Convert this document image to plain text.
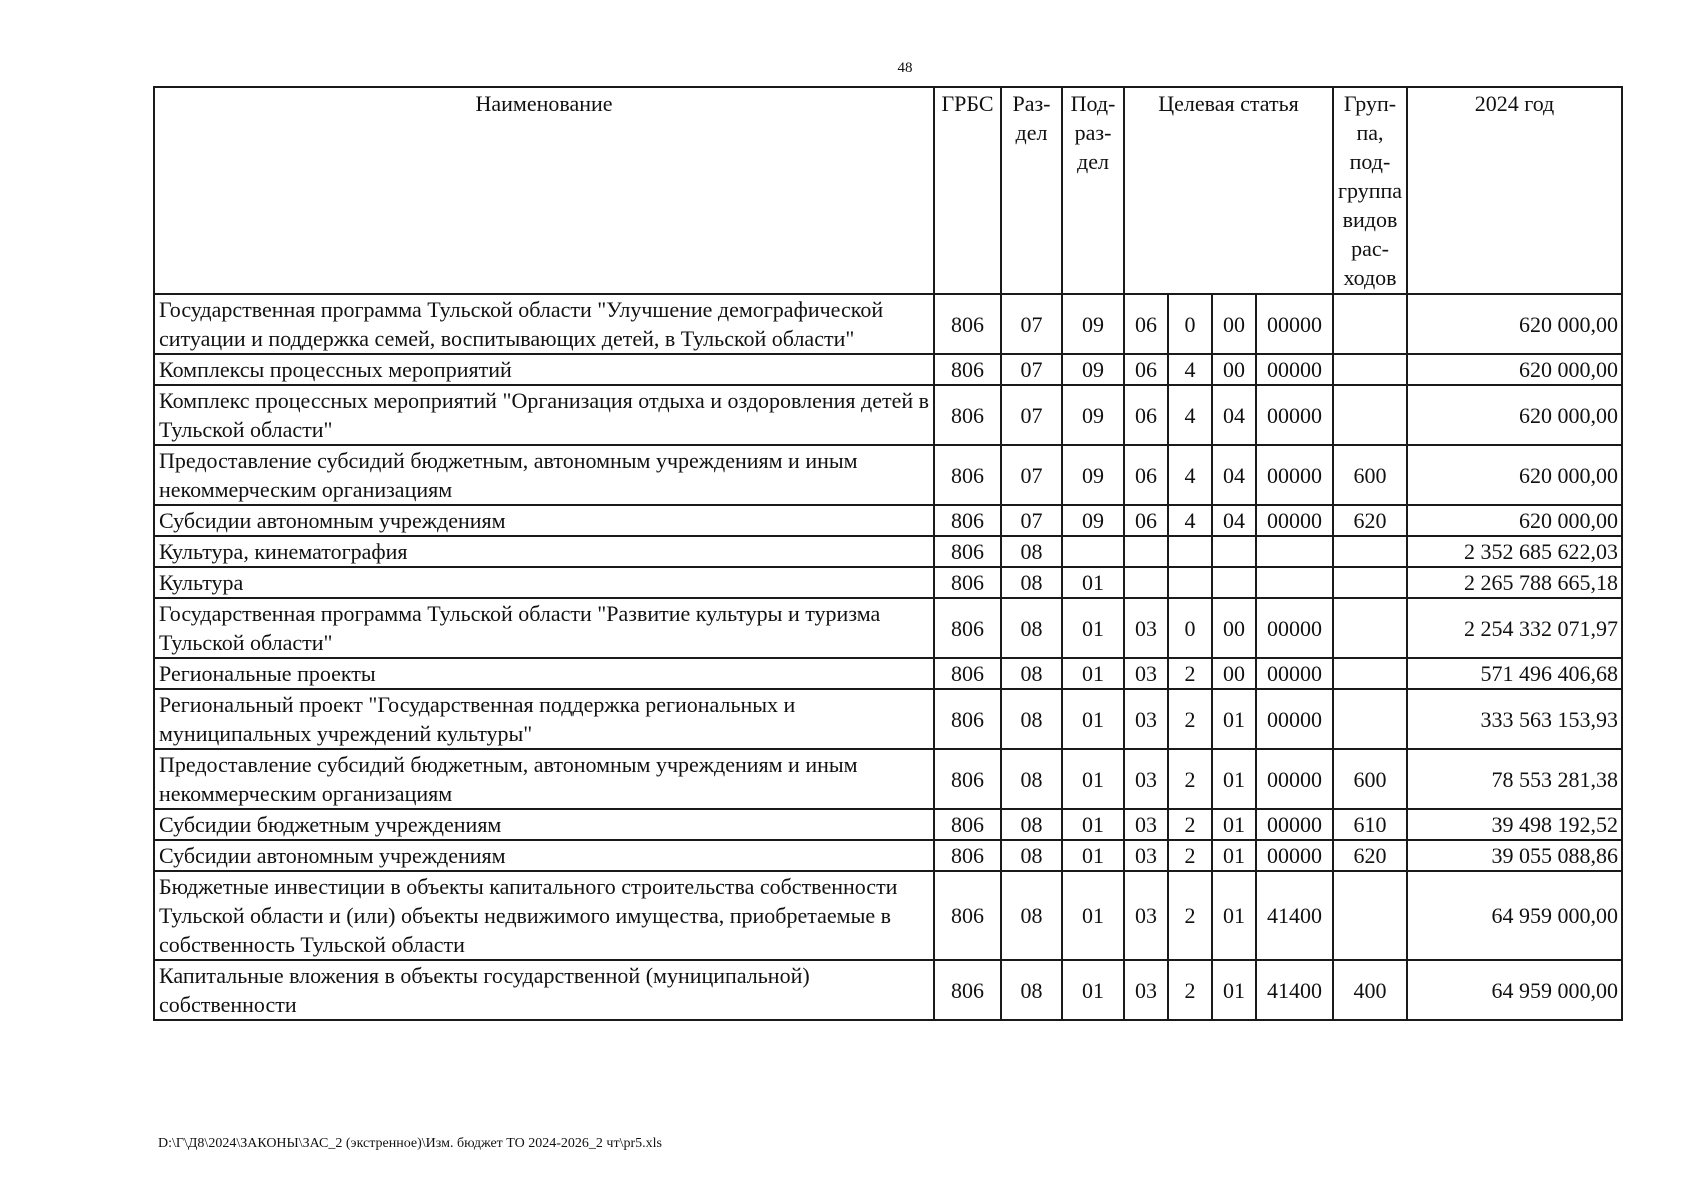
48
Наименование	ГРБС	Раз-дел	Под-раз-дел	Целевая статья				Груп-па, под-группа видов рас-ходов	2024 год
Государственная программа Тульской области "Улучшение демографической ситуации и поддержка семей, воспитывающих детей, в Тульской области"	806	07	09	06	0	00	00000		620 000,00
Комплексы процессных мероприятий	806	07	09	06	4	00	00000		620 000,00
Комплекс процессных мероприятий "Организация отдыха и оздоровления детей в Тульской области"	806	07	09	06	4	04	00000		620 000,00
Предоставление субсидий бюджетным, автономным учреждениям и иным некоммерческим организациям	806	07	09	06	4	04	00000	600	620 000,00
Субсидии автономным учреждениям	806	07	09	06	4	04	00000	620	620 000,00
Культура, кинематография	806	08							2 352 685 622,03
Культура	806	08	01						2 265 788 665,18
Государственная программа Тульской области "Развитие культуры и туризма Тульской области"	806	08	01	03	0	00	00000		2 254 332 071,97
Региональные проекты	806	08	01	03	2	00	00000		571 496 406,68
Региональный проект "Государственная поддержка региональных и муниципальных учреждений культуры"	806	08	01	03	2	01	00000		333 563 153,93
Предоставление субсидий бюджетным, автономным учреждениям и иным некоммерческим организациям	806	08	01	03	2	01	00000	600	78 553 281,38
Субсидии бюджетным учреждениям	806	08	01	03	2	01	00000	610	39 498 192,52
Субсидии автономным учреждениям	806	08	01	03	2	01	00000	620	39 055 088,86
Бюджетные инвестиции в объекты капитального строительства собственности Тульской области и (или) объекты недвижимого имущества, приобретаемые в собственность Тульской области	806	08	01	03	2	01	41400		64 959 000,00
Капитальные вложения в объекты государственной (муниципальной) собственности	806	08	01	03	2	01	41400	400	64 959 000,00
D:\Г\Д8\2024\ЗАКОНЫ\ЗАС_2 (экстренное)\Изм. бюджет ТО 2024-2026_2 чт\pr5.xls
